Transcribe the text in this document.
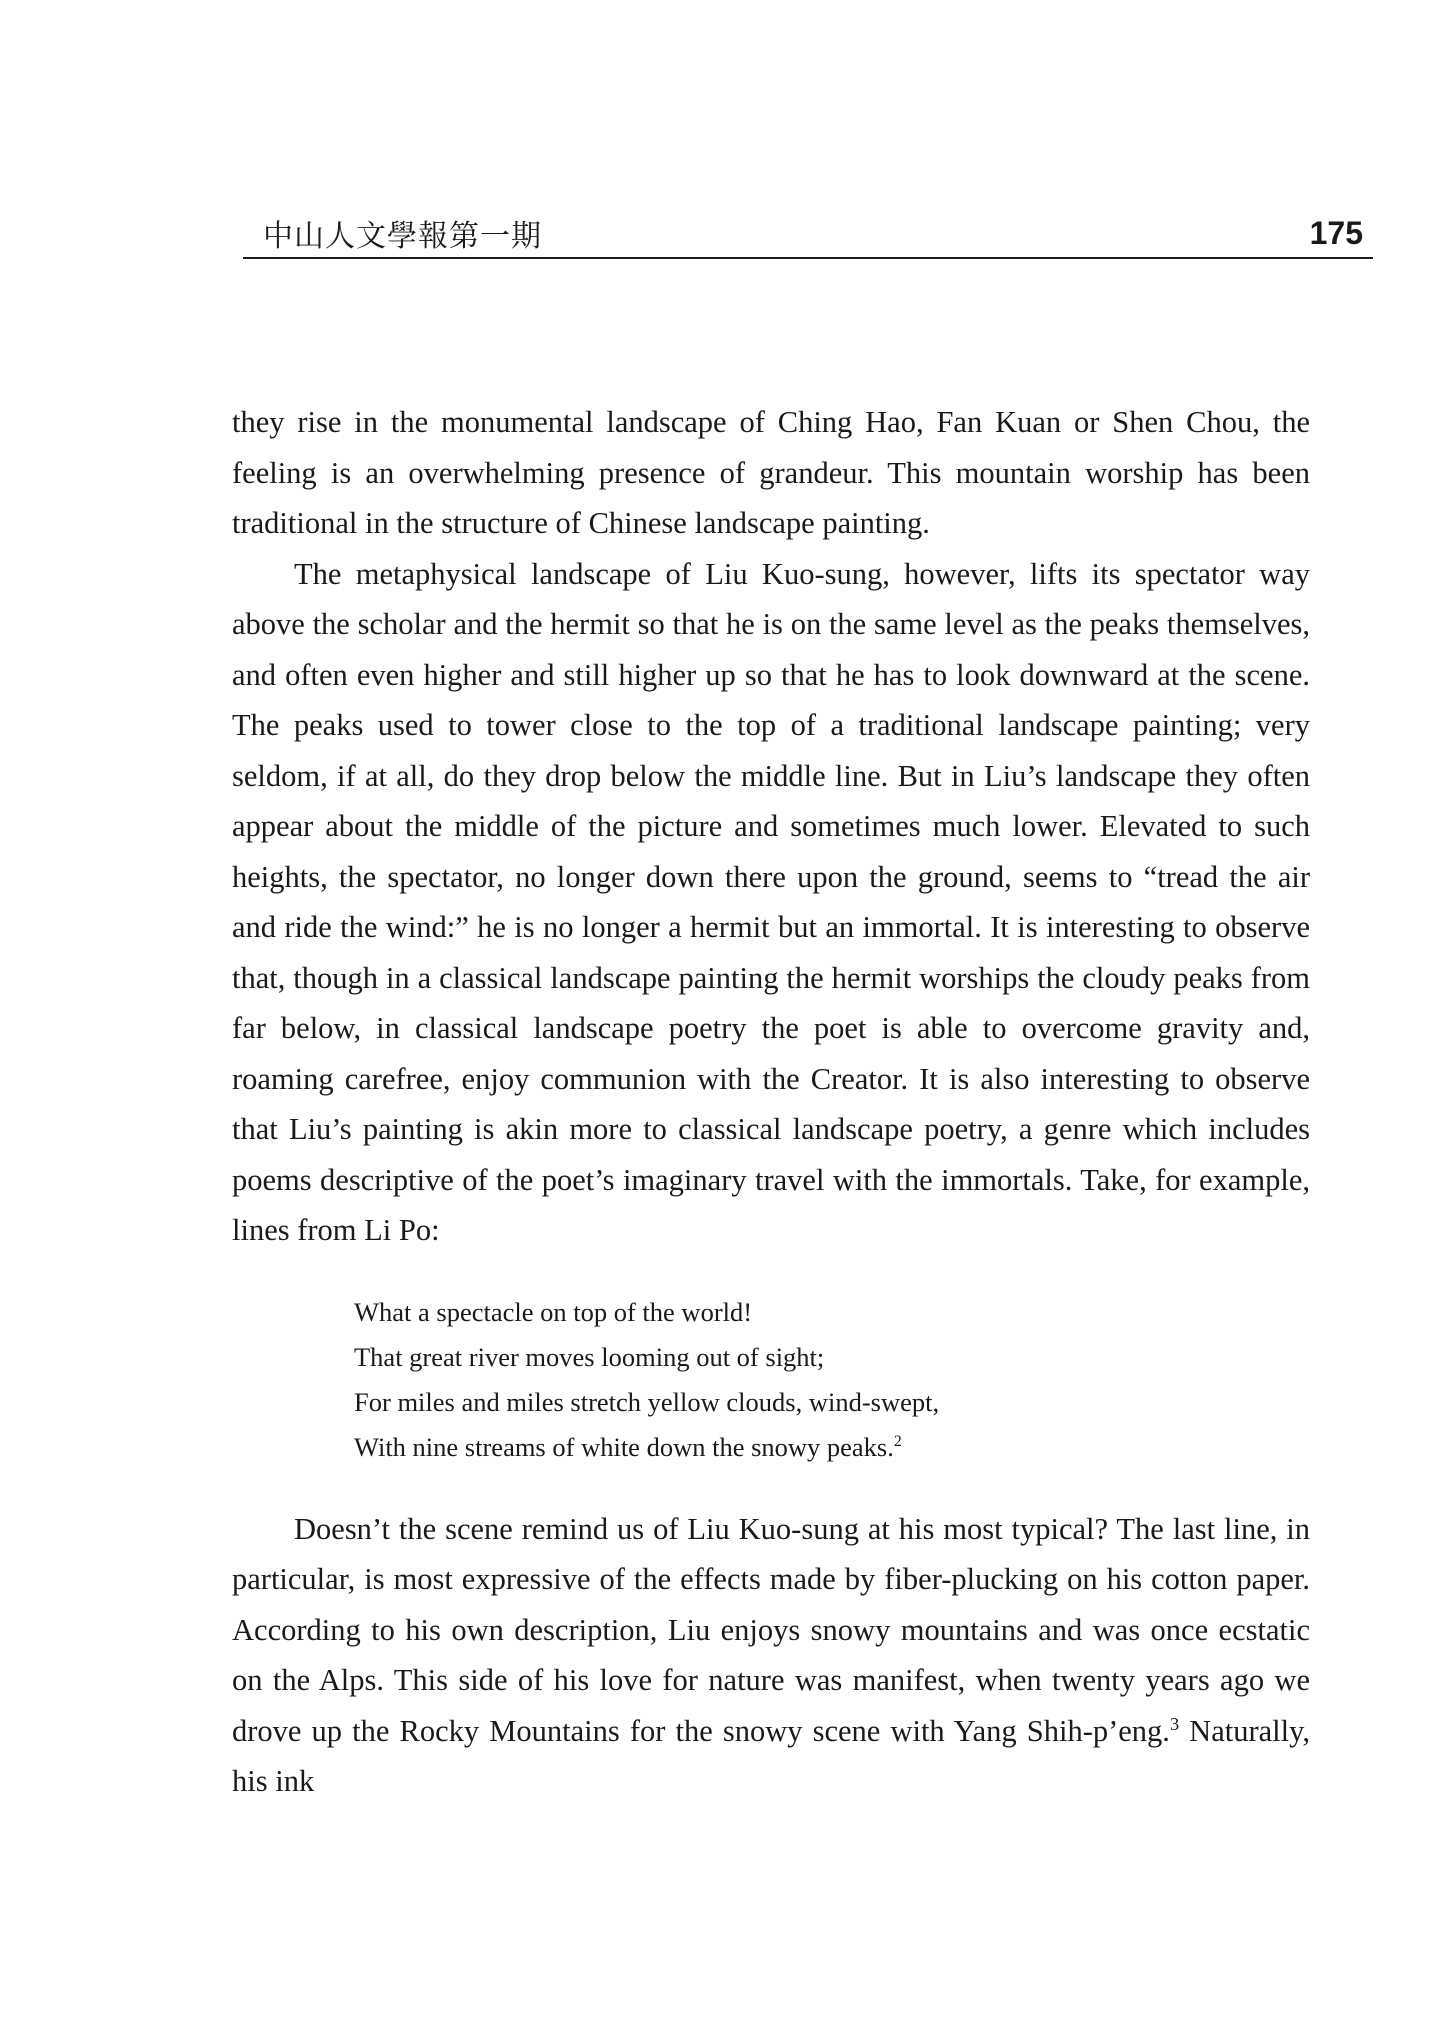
中山人文學報第一期	175

they rise in the monumental landscape of Ching Hao, Fan Kuan or Shen Chou, the feeling is an overwhelming presence of grandeur. This mountain worship has been traditional in the structure of Chinese landscape painting.

The metaphysical landscape of Liu Kuo-sung, however, lifts its spectator way above the scholar and the hermit so that he is on the same level as the peaks themselves, and often even higher and still higher up so that he has to look downward at the scene. The peaks used to tower close to the top of a traditional landscape painting; very seldom, if at all, do they drop below the middle line. But in Liu’s landscape they often appear about the middle of the picture and sometimes much lower. Elevated to such heights, the spectator, no longer down there upon the ground, seems to “tread the air and ride the wind:” he is no longer a hermit but an immortal. It is interesting to observe that, though in a classical landscape painting the hermit worships the cloudy peaks from far below, in classical landscape poetry the poet is able to overcome gravity and, roaming carefree, enjoy communion with the Creator. It is also interesting to observe that Liu’s painting is akin more to classical landscape poetry, a genre which includes poems descriptive of the poet’s imaginary travel with the immortals. Take, for example, lines from Li Po:

What a spectacle on top of the world!
That great river moves looming out of sight;
For miles and miles stretch yellow clouds, wind-swept,
With nine streams of white down the snowy peaks.$^2$

Doesn’t the scene remind us of Liu Kuo-sung at his most typical? The last line, in particular, is most expressive of the effects made by fiber-plucking on his cotton paper. According to his own description, Liu enjoys snowy mountains and was once ecstatic on the Alps. This side of his love for nature was manifest, when twenty years ago we drove up the Rocky Mountains for the snowy scene with Yang Shih-p’eng.$^3$ Naturally, his ink
